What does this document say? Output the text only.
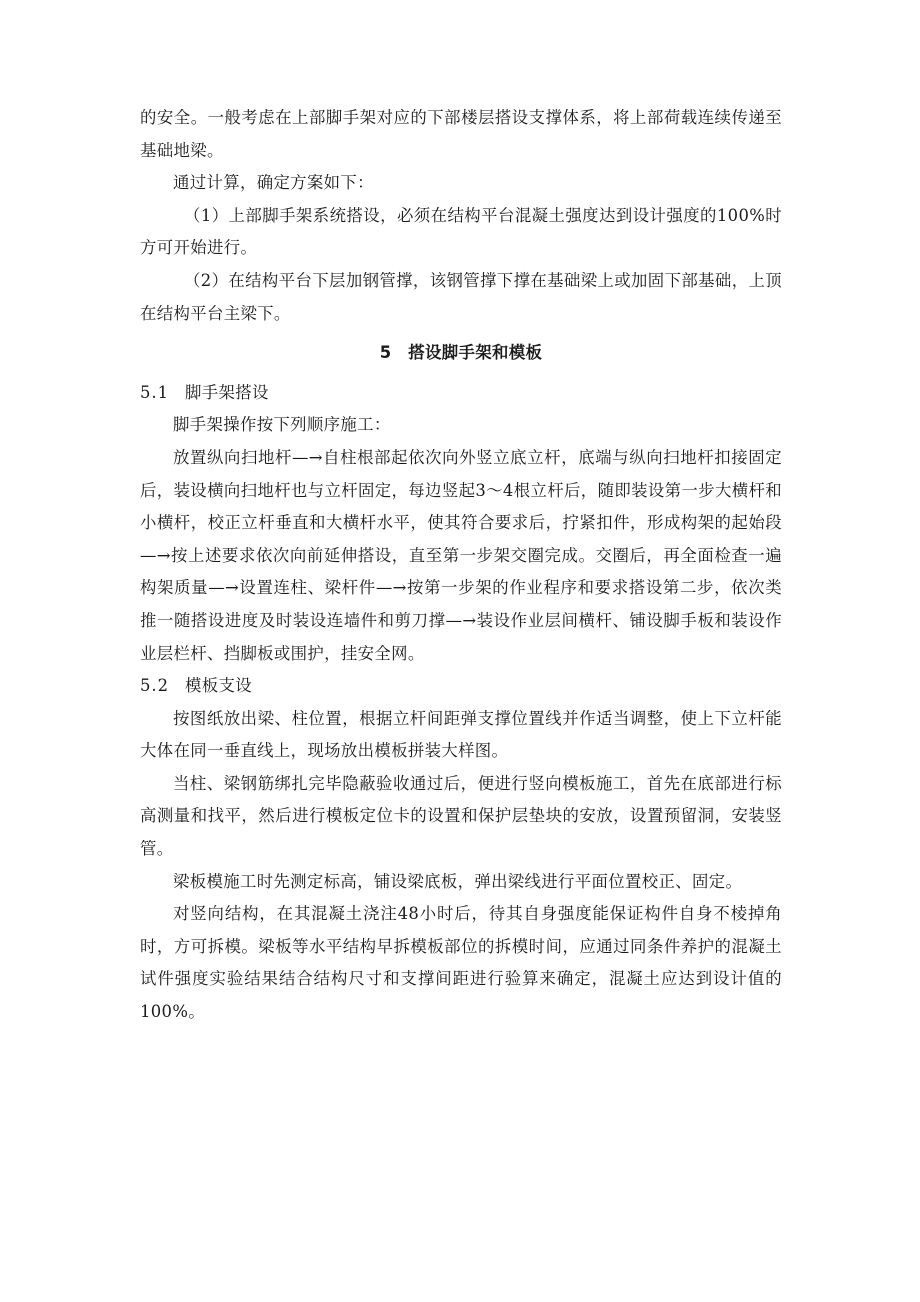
的安全。一般考虑在上部脚手架对应的下部楼层搭设支撑体系，将上部荷载连续传递至基础地梁。

通过计算，确定方案如下：

（1）上部脚手架系统搭设，必须在结构平台混凝土强度达到设计强度的100%时方可开始进行。

（2）在结构平台下层加钢管撑，该钢管撑下撑在基础梁上或加固下部基础，上顶在结构平台主梁下。

5　搭设脚手架和模板

5.1 脚手架搭设

脚手架操作按下列顺序施工：

放置纵向扫地杆—→自柱根部起依次向外竖立底立杆，底端与纵向扫地杆扣接固定后，装设横向扫地杆也与立杆固定，每边竖起3～4根立杆后，随即装设第一步大横杆和小横杆，校正立杆垂直和大横杆水平，使其符合要求后，拧紧扣件，形成构架的起始段—→按上述要求依次向前延伸搭设，直至第一步架交圈完成。交圈后，再全面检查一遍构架质量—→设置连柱、梁杆件—→按第一步架的作业程序和要求搭设第二步，依次类推一随搭设进度及时装设连墙件和剪刀撑—→装设作业层间横杆、铺设脚手板和装设作业层栏杆、挡脚板或围护，挂安全网。

5.2 模板支设

按图纸放出梁、柱位置，根据立杆间距弹支撑位置线并作适当调整，使上下立杆能大体在同一垂直线上，现场放出模板拼装大样图。

当柱、梁钢筋绑扎完毕隐蔽验收通过后，便进行竖向模板施工，首先在底部进行标高测量和找平，然后进行模板定位卡的设置和保护层垫块的安放，设置预留洞，安装竖管。

梁板模施工时先测定标高，铺设梁底板，弹出梁线进行平面位置校正、固定。

对竖向结构，在其混凝土浇注48小时后，待其自身强度能保证构件自身不棱掉角时，方可拆模。梁板等水平结构早拆模板部位的拆模时间，应通过同条件养护的混凝土试件强度实验结果结合结构尺寸和支撑间距进行验算来确定，混凝土应达到设计值的100%。
